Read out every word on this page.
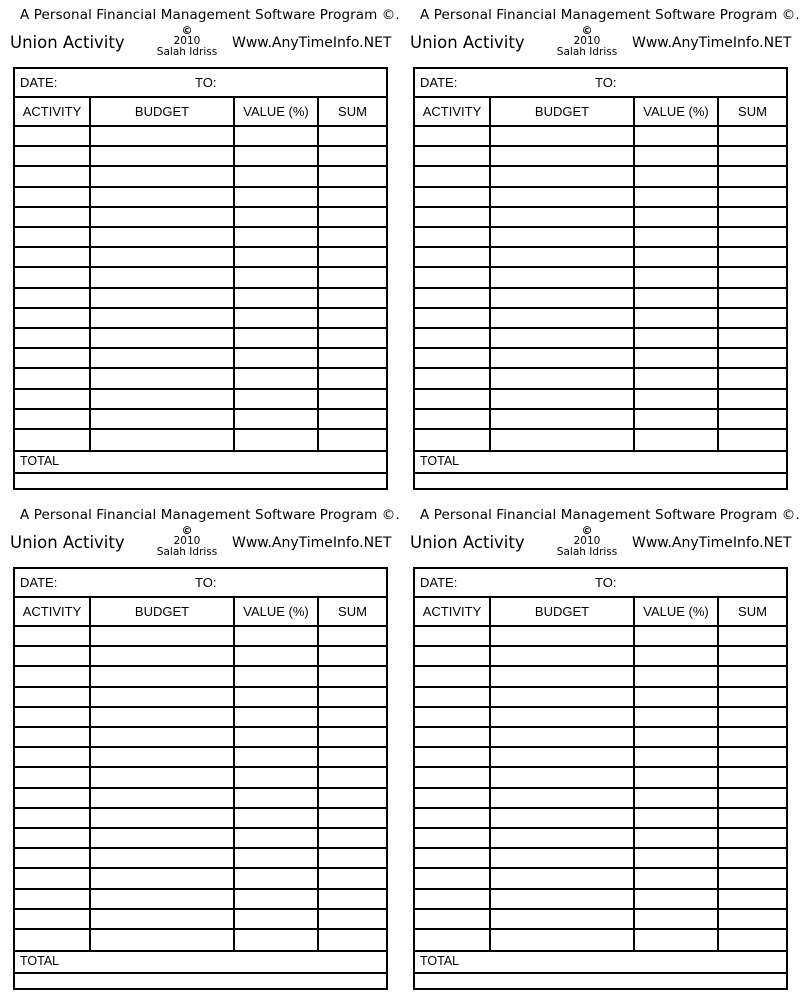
A Personal Financial Management Software Program ©.
Union Activity
©
2010
Salah Idriss
Www.AnyTimeInfo.NET
DATE:	TO:
ACTIVITY	BUDGET	VALUE (%)	SUM
TOTAL
A Personal Financial Management Software Program ©.
Union Activity
©
2010
Salah Idriss
Www.AnyTimeInfo.NET
DATE:	TO:
ACTIVITY	BUDGET	VALUE (%)	SUM
TOTAL
A Personal Financial Management Software Program ©.
Union Activity
©
2010
Salah Idriss
Www.AnyTimeInfo.NET
DATE:	TO:
ACTIVITY	BUDGET	VALUE (%)	SUM
TOTAL
A Personal Financial Management Software Program ©.
Union Activity
©
2010
Salah Idriss
Www.AnyTimeInfo.NET
DATE:	TO:
ACTIVITY	BUDGET	VALUE (%)	SUM
TOTAL
